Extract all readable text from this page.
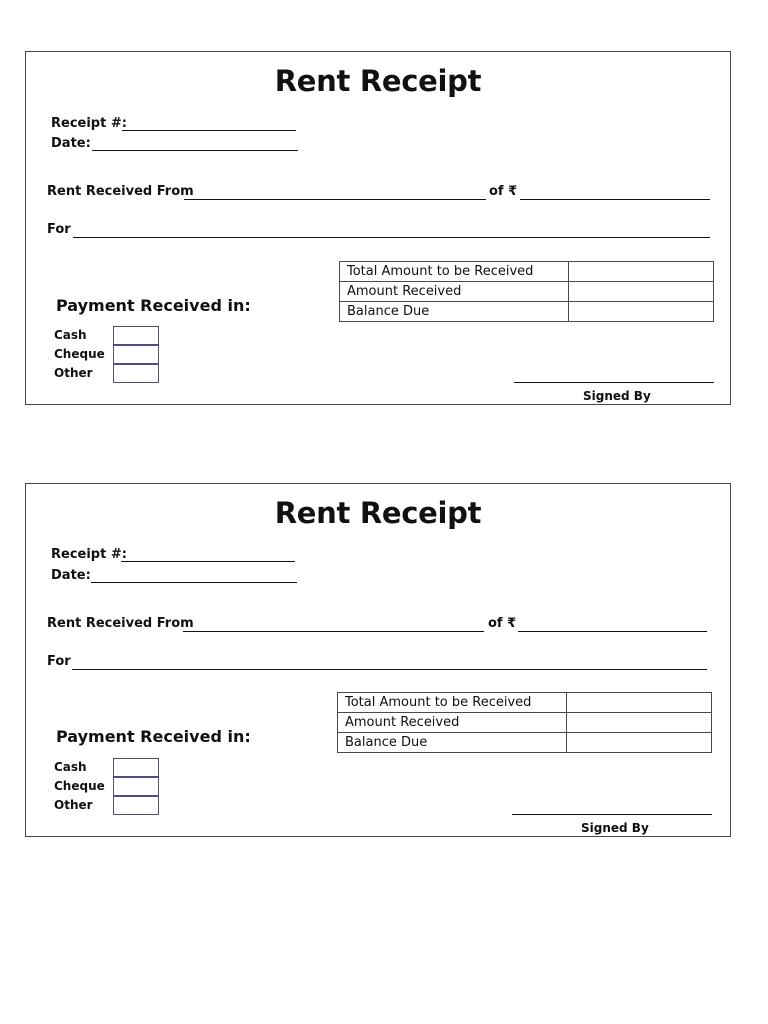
Rent Receipt
Receipt #:
Date:
Rent Received From	of ₹
For
Total Amount to be Received	
Amount Received	
Balance Due	
Payment Received in:
Cash
Cheque
Other
Signed By
Rent Receipt
Receipt #:
Date:
Rent Received From	of ₹
For
Total Amount to be Received	
Amount Received	
Balance Due	
Payment Received in:
Cash
Cheque
Other
Signed By
